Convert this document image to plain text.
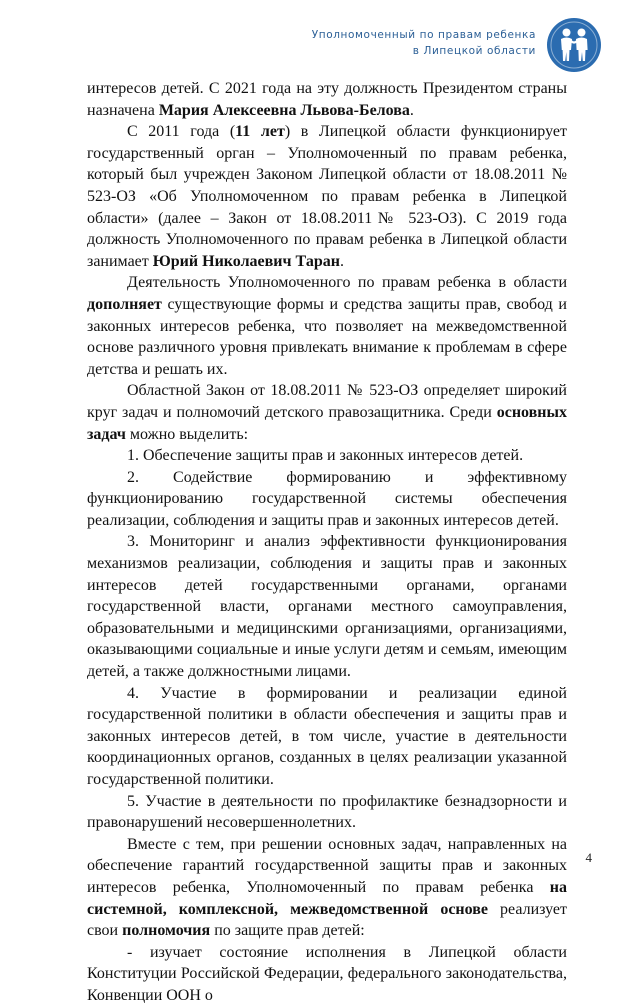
Уполномоченный по правам ребенка
в Липецкой области

интересов детей. С 2021 года на эту должность Президентом страны назначена Мария Алексеевна Львова-Белова.

С 2011 года (11 лет) в Липецкой области функционирует государственный орган – Уполномоченный по правам ребенка, который был учрежден Законом Липецкой области от 18.08.2011 № 523-ОЗ «Об Уполномоченном по правам ребенка в Липецкой области» (далее – Закон от 18.08.2011№ 523-ОЗ). С 2019 года должность Уполномоченного по правам ребенка в Липецкой области занимает Юрий Николаевич Таран.

Деятельность Уполномоченного по правам ребенка в области дополняет существующие формы и средства защиты прав, свобод и законных интересов ребенка, что позволяет на межведомственной основе различного уровня привлекать внимание к проблемам в сфере детства и решать их.

Областной Закон от 18.08.2011 № 523-ОЗ определяет широкий круг задач и полномочий детского правозащитника. Среди основных задач можно выделить:

1. Обеспечение защиты прав и законных интересов детей.

2. Содействие формированию и эффективному функционированию государственной системы обеспечения реализации, соблюдения и защиты прав и законных интересов детей.

3. Мониторинг и анализ эффективности функционирования механизмов реализации, соблюдения и защиты прав и законных интересов детей государственными органами, органами государственной власти, органами местного самоуправления, образовательными и медицинскими организациями, организациями, оказывающими социальные и иные услуги детям и семьям, имеющим детей, а также должностными лицами.

4. Участие в формировании и реализации единой государственной политики в области обеспечения и защиты прав и законных интересов детей, в том числе, участие в деятельности координационных органов, созданных в целях реализации указанной государственной политики.

5. Участие в деятельности по профилактике безнадзорности и правонарушений несовершеннолетних.

Вместе с тем, при решении основных задач, направленных на обеспечение гарантий государственной защиты прав и законных интересов ребенка, Уполномоченный по правам ребенка на системной, комплексной, межведомственной основе реализует свои полномочия по защите прав детей:

- изучает состояние исполнения в Липецкой области Конституции Российской Федерации, федерального законодательства, Конвенции ООН о

4
